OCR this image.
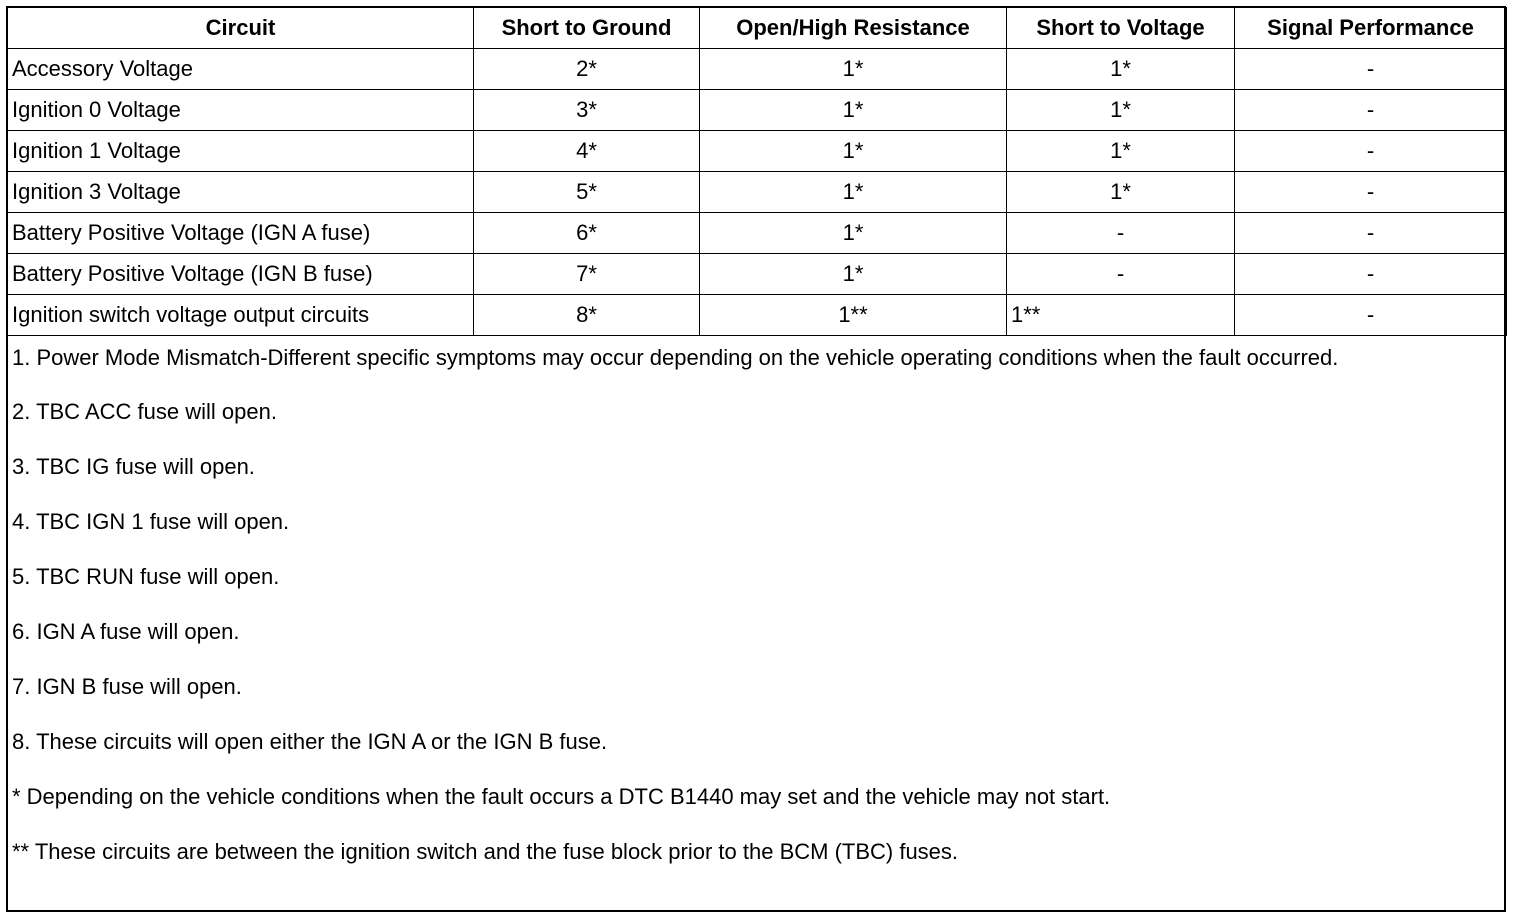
Circuit	Short to Ground	Open/High Resistance	Short to Voltage	Signal Performance
Accessory Voltage	2*	1*	1*	-
Ignition 0 Voltage	3*	1*	1*	-
Ignition 1 Voltage	4*	1*	1*	-
Ignition 3 Voltage	5*	1*	1*	-
Battery Positive Voltage (IGN A fuse)	6*	1*	-	-
Battery Positive Voltage (IGN B fuse)	7*	1*	-	-
Ignition switch voltage output circuits	8*	1**	1**	-

1. Power Mode Mismatch-Different specific symptoms may occur depending on the vehicle operating conditions when the fault occurred.

2. TBC ACC fuse will open.

3. TBC IG fuse will open.

4. TBC IGN 1 fuse will open.

5. TBC RUN fuse will open.

6. IGN A fuse will open.

7. IGN B fuse will open.

8. These circuits will open either the IGN A or the IGN B fuse.

* Depending on the vehicle conditions when the fault occurs a DTC B1440 may set and the vehicle may not start.

** These circuits are between the ignition switch and the fuse block prior to the BCM (TBC) fuses.
